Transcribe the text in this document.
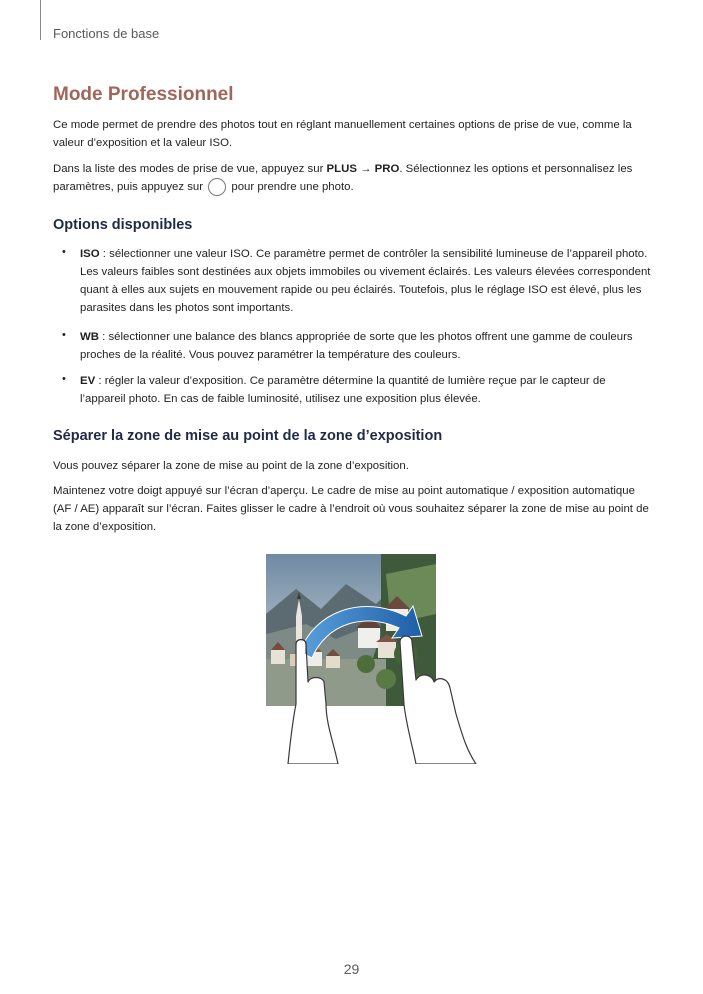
Fonctions de base
Mode Professionnel
Ce mode permet de prendre des photos tout en réglant manuellement certaines options de prise de vue, comme la valeur d’exposition et la valeur ISO.
Dans la liste des modes de prise de vue, appuyez sur PLUS → PRO. Sélectionnez les options et personnalisez les paramètres, puis appuyez sur  pour prendre une photo.
Options disponibles
• ISO : sélectionner une valeur ISO. Ce paramètre permet de contrôler la sensibilité lumineuse de l’appareil photo. Les valeurs faibles sont destinées aux objets immobiles ou vivement éclairés. Les valeurs élevées correspondent quant à elles aux sujets en mouvement rapide ou peu éclairés. Toutefois, plus le réglage ISO est élevé, plus les parasites dans les photos sont importants.
• WB : sélectionner une balance des blancs appropriée de sorte que les photos offrent une gamme de couleurs proches de la réalité. Vous pouvez paramétrer la température des couleurs.
• EV : régler la valeur d’exposition. Ce paramètre détermine la quantité de lumière reçue par le capteur de l’appareil photo. En cas de faible luminosité, utilisez une exposition plus élevée.
Séparer la zone de mise au point de la zone d’exposition
Vous pouvez séparer la zone de mise au point de la zone d’exposition.
Maintenez votre doigt appuyé sur l’écran d’aperçu. Le cadre de mise au point automatique / exposition automatique (AF / AE) apparaît sur l’écran. Faites glisser le cadre à l’endroit où vous souhaitez séparer la zone de mise au point de la zone d’exposition.
29
